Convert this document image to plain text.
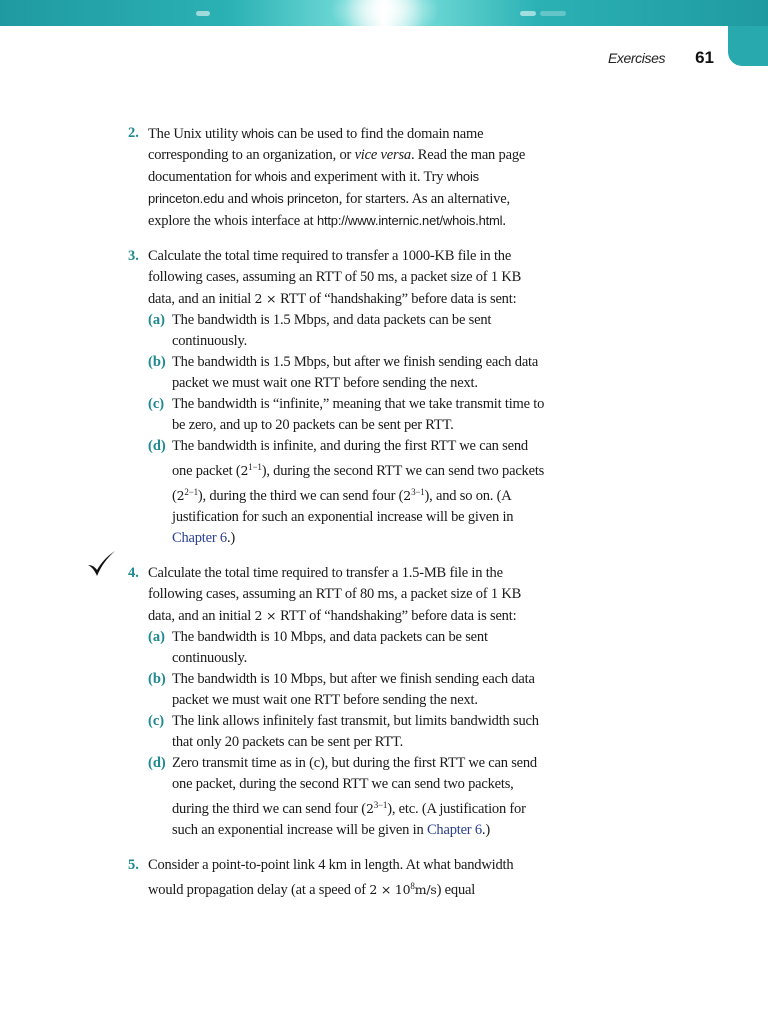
Exercises 61
2. The Unix utility whois can be used to find the domain name corresponding to an organization, or vice versa. Read the man page documentation for whois and experiment with it. Try whois princeton.edu and whois princeton, for starters. As an alternative, explore the whois interface at http://www.internic.net/whois.html.

3. Calculate the total time required to transfer a 1000-KB file in the following cases, assuming an RTT of 50 ms, a packet size of 1 KB data, and an initial 2 × RTT of “handshaking” before data is sent:

(a) The bandwidth is 1.5 Mbps, and data packets can be sent continuously.

(b) The bandwidth is 1.5 Mbps, but after we finish sending each data packet we must wait one RTT before sending the next.

(c) The bandwidth is “infinite,” meaning that we take transmit time to be zero, and up to 20 packets can be sent per RTT.

(d) The bandwidth is infinite, and during the first RTT we can send one packet $(2^{1-1})$, during the second RTT we can send two packets $(2^{2-1})$, during the third we can send four $(2^{3-1})$, and so on. (A justification for such an exponential increase will be given in Chapter 6.)

4. Calculate the total time required to transfer a 1.5-MB file in the following cases, assuming an RTT of 80 ms, a packet size of 1 KB data, and an initial 2 × RTT of “handshaking” before data is sent:

(a) The bandwidth is 10 Mbps, and data packets can be sent continuously.

(b) The bandwidth is 10 Mbps, but after we finish sending each data packet we must wait one RTT before sending the next.

(c) The link allows infinitely fast transmit, but limits bandwidth such that only 20 packets can be sent per RTT.

(d) Zero transmit time as in (c), but during the first RTT we can send one packet, during the second RTT we can send two packets, during the third we can send four $(2^{3-1})$, etc. (A justification for such an exponential increase will be given in Chapter 6.)

5. Consider a point-to-point link 4 km in length. At what bandwidth would propagation delay (at a speed of $2 \times 10^8m/s$) equal
